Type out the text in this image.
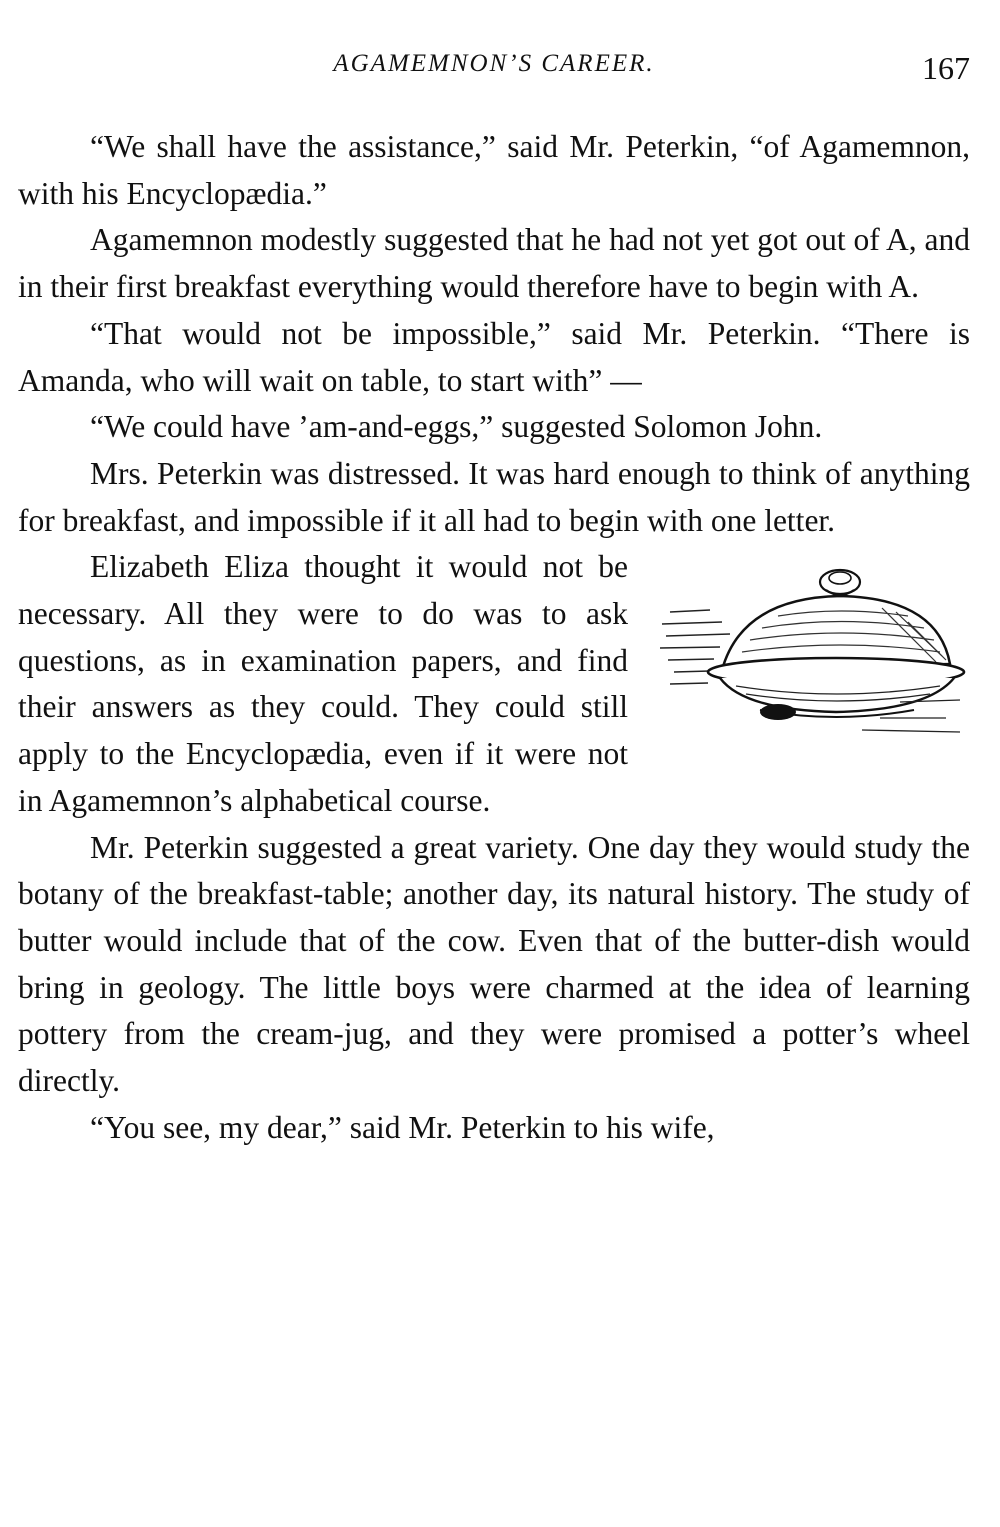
AGAMEMNON’S CAREER.	167

“We shall have the assistance,” said Mr. Peterkin, “of Agamemnon, with his Encyclopædia.”

Agamemnon modestly suggested that he had not yet got out of A, and in their first breakfast everything would therefore have to begin with A.

“That would not be impossible,” said Mr. Peterkin. “There is Amanda, who will wait on table, to start with” —

“We could have ’am-and-eggs,” suggested Solomon John.

Mrs. Peterkin was distressed. It was hard enough to think of anything for breakfast, and impossible if it all had to begin with one letter.

Elizabeth Eliza thought it would not be necessary. All they were to do was to ask questions, as in examination papers, and find their answers as they could. They could still apply to the Encyclopædia, even if it were not in Agamemnon’s alphabetical course.

Mr. Peterkin suggested a great variety. One day they would study the botany of the breakfast-table; another day, its natural history. The study of butter would include that of the cow. Even that of the butter-dish would bring in geology. The little boys were charmed at the idea of learning pottery from the cream-jug, and they were promised a potter’s wheel directly.

“You see, my dear,” said Mr. Peterkin to his wife,
